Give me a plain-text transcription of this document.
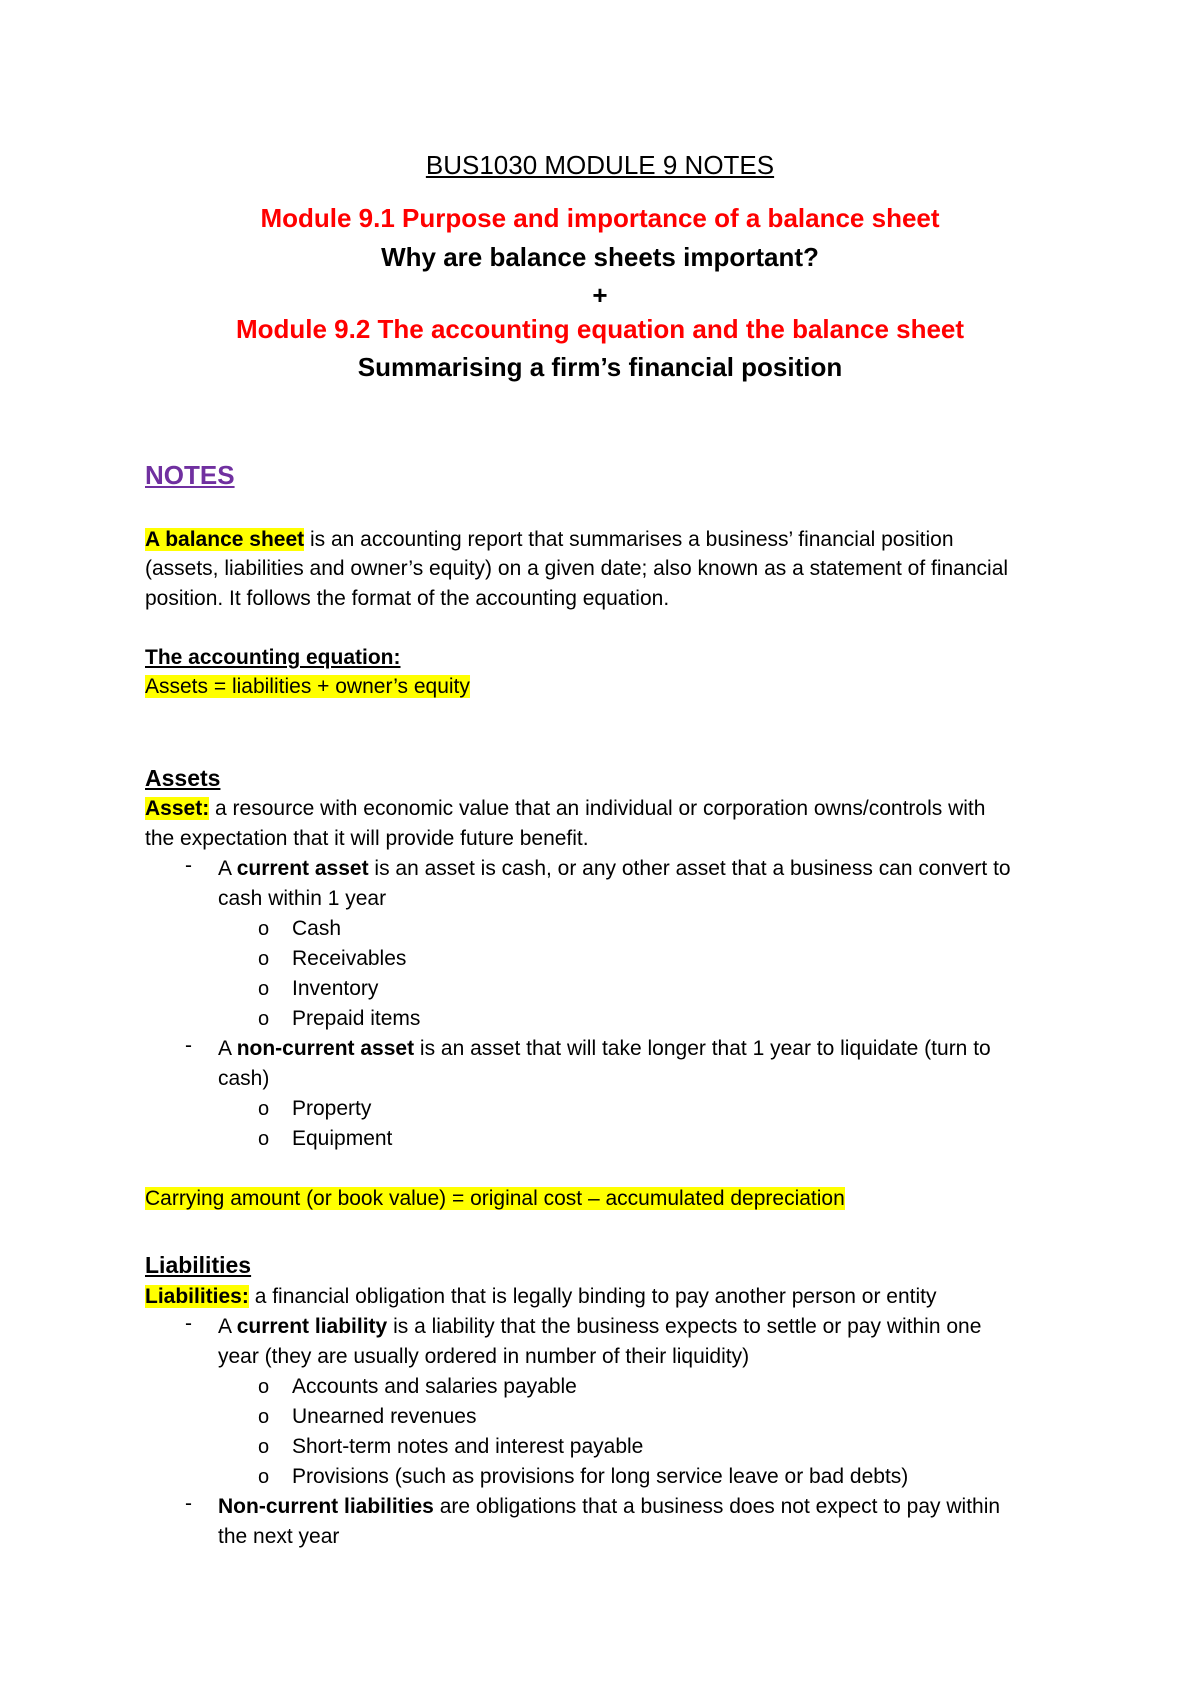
BUS1030 MODULE 9 NOTES
Module 9.1 Purpose and importance of a balance sheet
Why are balance sheets important?
+
Module 9.2 The accounting equation and the balance sheet
Summarising a firm’s financial position
NOTES
A balance sheet is an accounting report that summarises a business’ financial position
(assets, liabilities and owner’s equity) on a given date; also known as a statement of financial
position. It follows the format of the accounting equation.
The accounting equation:
Assets = liabilities + owner’s equity
Assets
Asset: a resource with economic value that an individual or corporation owns/controls with
the expectation that it will provide future benefit.
- A current asset is an asset is cash, or any other asset that a business can convert to
cash within 1 year
o Cash
o Receivables
o Inventory
o Prepaid items
- A non-current asset is an asset that will take longer that 1 year to liquidate (turn to
cash)
o Property
o Equipment
Carrying amount (or book value) = original cost – accumulated depreciation
Liabilities
Liabilities: a financial obligation that is legally binding to pay another person or entity
- A current liability is a liability that the business expects to settle or pay within one
year (they are usually ordered in number of their liquidity)
o Accounts and salaries payable
o Unearned revenues
o Short-term notes and interest payable
o Provisions (such as provisions for long service leave or bad debts)
- Non-current liabilities are obligations that a business does not expect to pay within
the next year
